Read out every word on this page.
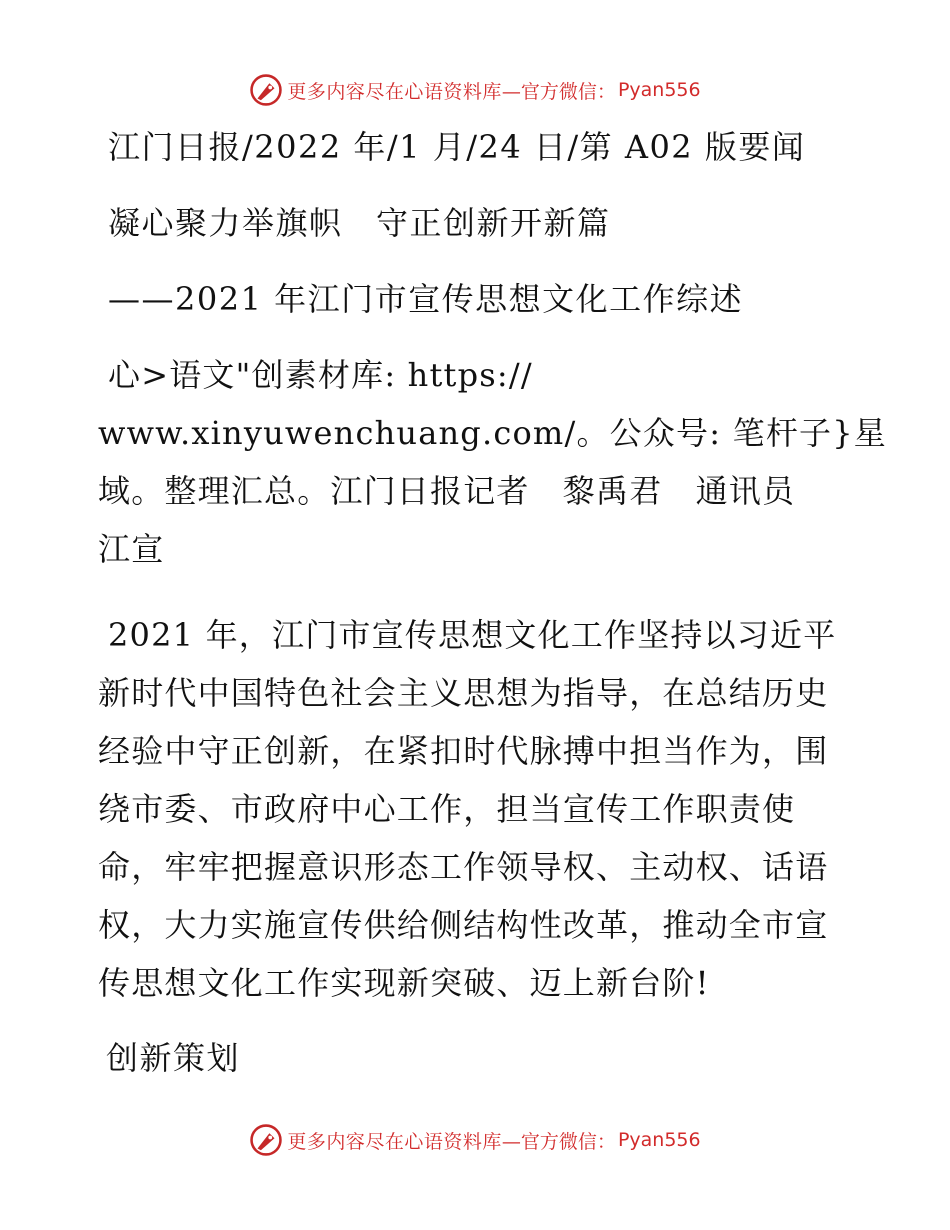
更多内容尽在心语资料库 —官方微信： Pyan556
江门日报/2022 年/1 月/24 日/第 A02 版要闻
凝心聚力举旗帜　守正创新开新篇
——2021 年江门市宣传思想文化工作综述
心>语文"创素材库: https://
www.xinyuwenchuang.com/。公众号: 笔杆子}星
域。整理汇总。江门日报记者　黎禹君　通讯员
江宣
2021 年，江门市宣传思想文化工作坚持以习近平
新时代中国特色社会主义思想为指导，在总结历史
经验中守正创新，在紧扣时代脉搏中担当作为，围
绕市委、市政府中心工作，担当宣传工作职责使
命，牢牢把握意识形态工作领导权、主动权、话语
权，大力实施宣传供给侧结构性改革，推动全市宣
传思想文化工作实现新突破、迈上新台阶!
创新策划
更多内容尽在心语资料库 —官方微信： Pyan556
